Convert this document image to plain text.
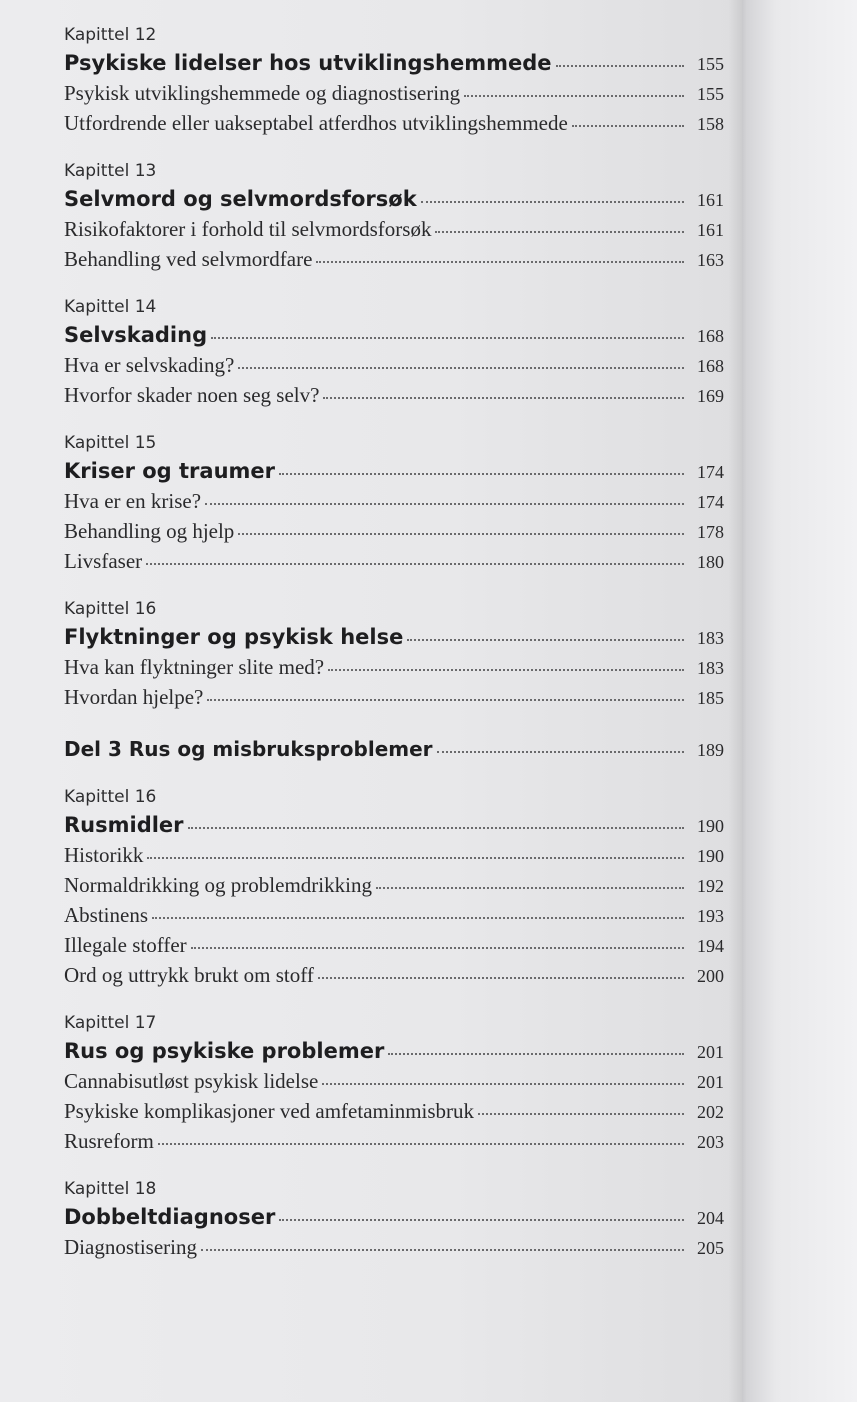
Kapittel 12
Psykiske lidelser hos utviklingshemmede	155
Psykisk utviklingshemmede og diagnostisering	155
Utfordrende eller uakseptabel atferdhos utviklingshemmede	158
Kapittel 13
Selvmord og selvmordsforsøk	161
Risikofaktorer i forhold til selvmordsforsøk	161
Behandling ved selvmordfare	163
Kapittel 14
Selvskading	168
Hva er selvskading?	168
Hvorfor skader noen seg selv?	169
Kapittel 15
Kriser og traumer	174
Hva er en krise?	174
Behandling og hjelp	178
Livsfaser	180
Kapittel 16
Flyktninger og psykisk helse	183
Hva kan flyktninger slite med?	183
Hvordan hjelpe?	185
Del 3 Rus og misbruksproblemer	189
Kapittel 16
Rusmidler	190
Historikk	190
Normaldrikking og problemdrikking	192
Abstinens	193
Illegale stoffer	194
Ord og uttrykk brukt om stoff	200
Kapittel 17
Rus og psykiske problemer	201
Cannabisutløst psykisk lidelse	201
Psykiske komplikasjoner ved amfetaminmisbruk	202
Rusreform	203
Kapittel 18
Dobbeltdiagnoser	204
Diagnostisering	205
